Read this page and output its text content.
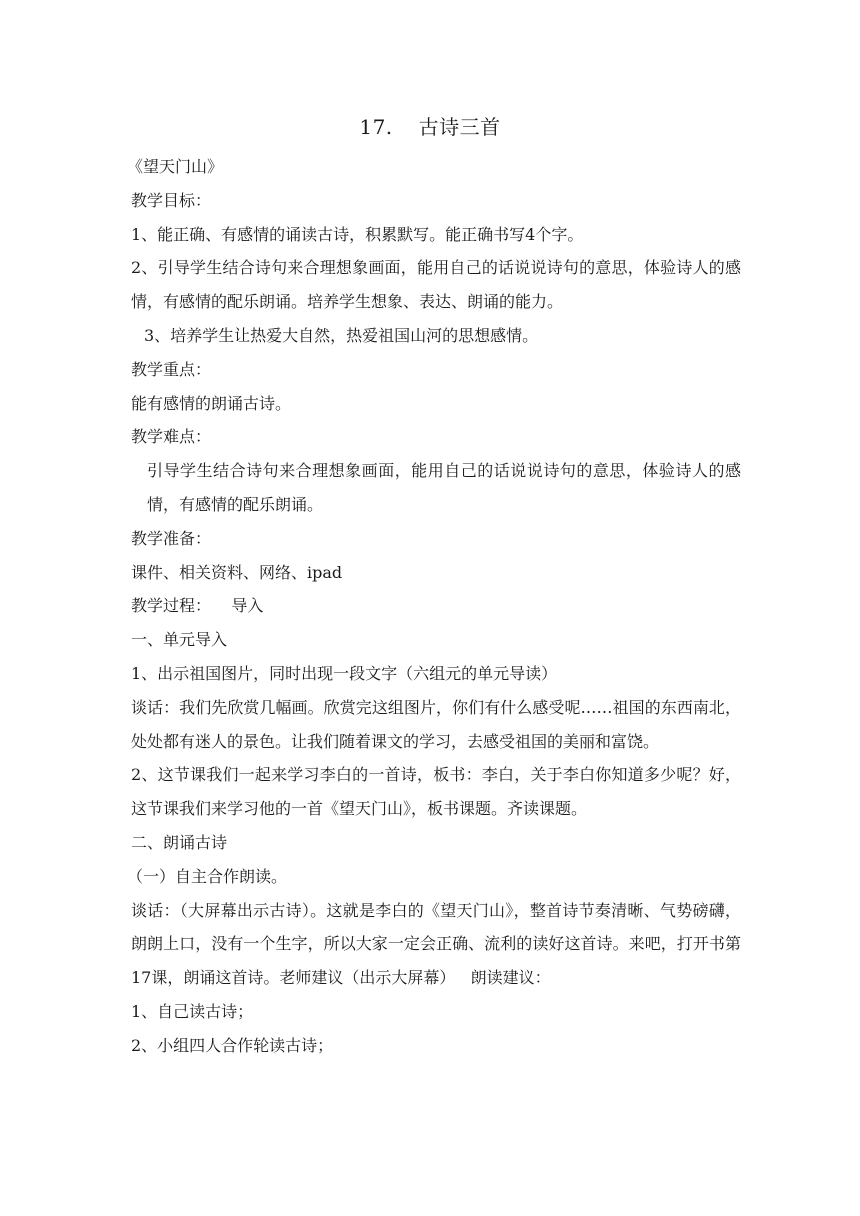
17. 古诗三首

《望天门山》

教学目标：

1、能正确、有感情的诵读古诗，积累默写。能正确书写4个字。

2、引导学生结合诗句来合理想象画面，能用自己的话说说诗句的意思，体验诗人的感情，有感情的配乐朗诵。培养学生想象、表达、朗诵的能力。

3、培养学生让热爱大自然，热爱祖国山河的思想感情。

教学重点：

能有感情的朗诵古诗。

教学难点：

引导学生结合诗句来合理想象画面，能用自己的话说说诗句的意思，体验诗人的感情，有感情的配乐朗诵。

教学准备：

课件、相关资料、网络、ipad

教学过程：    导入

一、单元导入

1、出示祖国图片，同时出现一段文字（六组元的单元导读）

谈话：我们先欣赏几幅画。欣赏完这组图片，你们有什么感受呢……祖国的东西南北，处处都有迷人的景色。让我们随着课文的学习，去感受祖国的美丽和富饶。

2、这节课我们一起来学习李白的一首诗，板书：李白，关于李白你知道多少呢？好，这节课我们来学习他的一首《望天门山》，板书课题。齐读课题。

二、朗诵古诗

（一）自主合作朗读。

谈话：（大屏幕出示古诗）。这就是李白的《望天门山》，整首诗节奏清晰、气势磅礴，朗朗上口，没有一个生字，所以大家一定会正确、流利的读好这首诗。来吧，打开书第17课，朗诵这首诗。老师建议（出示大屏幕）   朗读建议：

1、自己读古诗；

2、小组四人合作轮读古诗；
